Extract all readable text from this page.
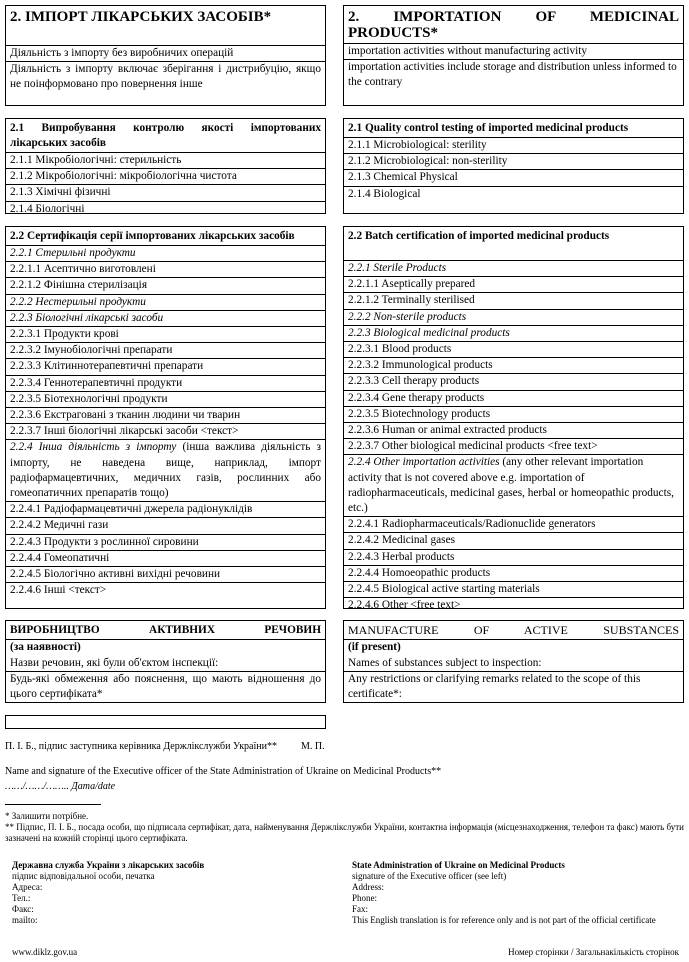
2. ІМПОРТ ЛІКАРСЬКИХ ЗАСОБІВ*
Діяльність з імпорту без виробничих операцій
Діяльність з імпорту включає зберігання і дистрибуцію, якщо не поінформовано про повернення інше
2. IMPORTATION OF MEDICINAL PRODUCTS*
importation activities without manufacturing activity
importation activities include storage and distribution unless informed to the contrary
2.1 Випробування контролю якості імпортованих лікарських засобів
2.1.1 Мікробіологічні: стерильність
2.1.2 Мікробіологічні: мікробіологічна чистота
2.1.3 Хімічні фізичні
2.1.4 Біологічні
2.1 Quality control testing of imported medicinal products
2.1.1 Microbiological: sterility
2.1.2 Microbiological: non-sterility
2.1.3 Chemical Physical
2.1.4 Biological
2.2 Сертифікація серії імпортованих лікарських засобів
2.2.1 Стерильні продукти
2.2.1.1 Асептично виготовлені
2.2.1.2 Фінішна стерилізація
2.2.2 Нестерильні продукти
2.2.3 Біологічні лікарські засоби
2.2.3.1 Продукти крові
2.2.3.2 Імунобіологічні препарати
2.2.3.3 Клітиннотерапевтичні препарати
2.2.3.4 Геннотерапевтичні продукти
2.2.3.5 Біотехнологічні продукти
2.2.3.6 Екстраговані з тканин людини чи тварин
2.2.3.7 Інші біологічні лікарські засоби <текст>
2.2.4 Інша діяльність з імпорту (інша важлива діяльність з імпорту, не наведена вище, наприклад, імпорт радіофармацевтичних, медичних газів, рослинних або гомеопатичних препаратів тощо)
2.2.4.1 Радіофармацевтичні джерела радіонуклідів
2.2.4.2 Медичні гази
2.2.4.3 Продукти з рослинної сировини
2.2.4.4 Гомеопатичні
2.2.4.5 Біологічно активні вихідні речовини
2.2.4.6 Інші <текст>
2.2 Batch certification of imported medicinal products
2.2.1 Sterile Products
2.2.1.1 Aseptically prepared
2.2.1.2 Terminally sterilised
2.2.2 Non-sterile products
2.2.3 Biological medicinal products
2.2.3.1 Blood products
2.2.3.2 Immunological products
2.2.3.3 Cell therapy products
2.2.3.4 Gene therapy products
2.2.3.5 Biotechnology products
2.2.3.6 Human or animal extracted products
2.2.3.7 Other biological medicinal products <free text>
2.2.4 Other importation activities (any other relevant importation activity that is not covered above e.g. importation of radiopharmaceuticals, medicinal gases, herbal or homeopathic products, etc.)
2.2.4.1 Radiopharmaceuticals/Radionuclide generators
2.2.4.2 Medicinal gases
2.2.4.3 Herbal products
2.2.4.4 Homoeopathic products
2.2.4.5 Biological active starting materials
2.2.4.6 Other <free text>
ВИРОБНИЦТВО АКТИВНИХ РЕЧОВИН
(за наявності)
Назви речовин, які були об'єктом інспекції:
Будь-які обмеження або пояснення, що мають відношення до цього сертифіката*
MANUFACTURE OF ACTIVE SUBSTANCES
(if present)
Names of substances subject to inspection:
Any restrictions or clarifying remarks related to the scope of this certificate*:
П. І. Б., підпис заступника керівника Держлікслужби України** М. П.
Name and signature of the Executive officer of the State Administration of Ukraine on Medicinal Products**
……/……/…….. Дата/date
* Залишити потрібне.
** Підпис, П. І. Б., посада особи, що підписала сертифікат, дата, найменування Держлікслужби України, контактна інформація (місцезнаходження, телефон та факс) мають бути зазначені на кожній сторінці цього сертифіката.
Державна служба України з лікарських засобів
підпис відповідальної особи, печатка
Адреса:
Тел.:
Факс:
mailto:
State Administration of Ukraine on Medicinal Products
signature of the Executive officer (see left)
Address:
Phone:
Fax:
This English translation is for reference only and is not part of the official certificate
www.diklz.gov.ua	Номер сторінки / Загальнакількість сторінок
